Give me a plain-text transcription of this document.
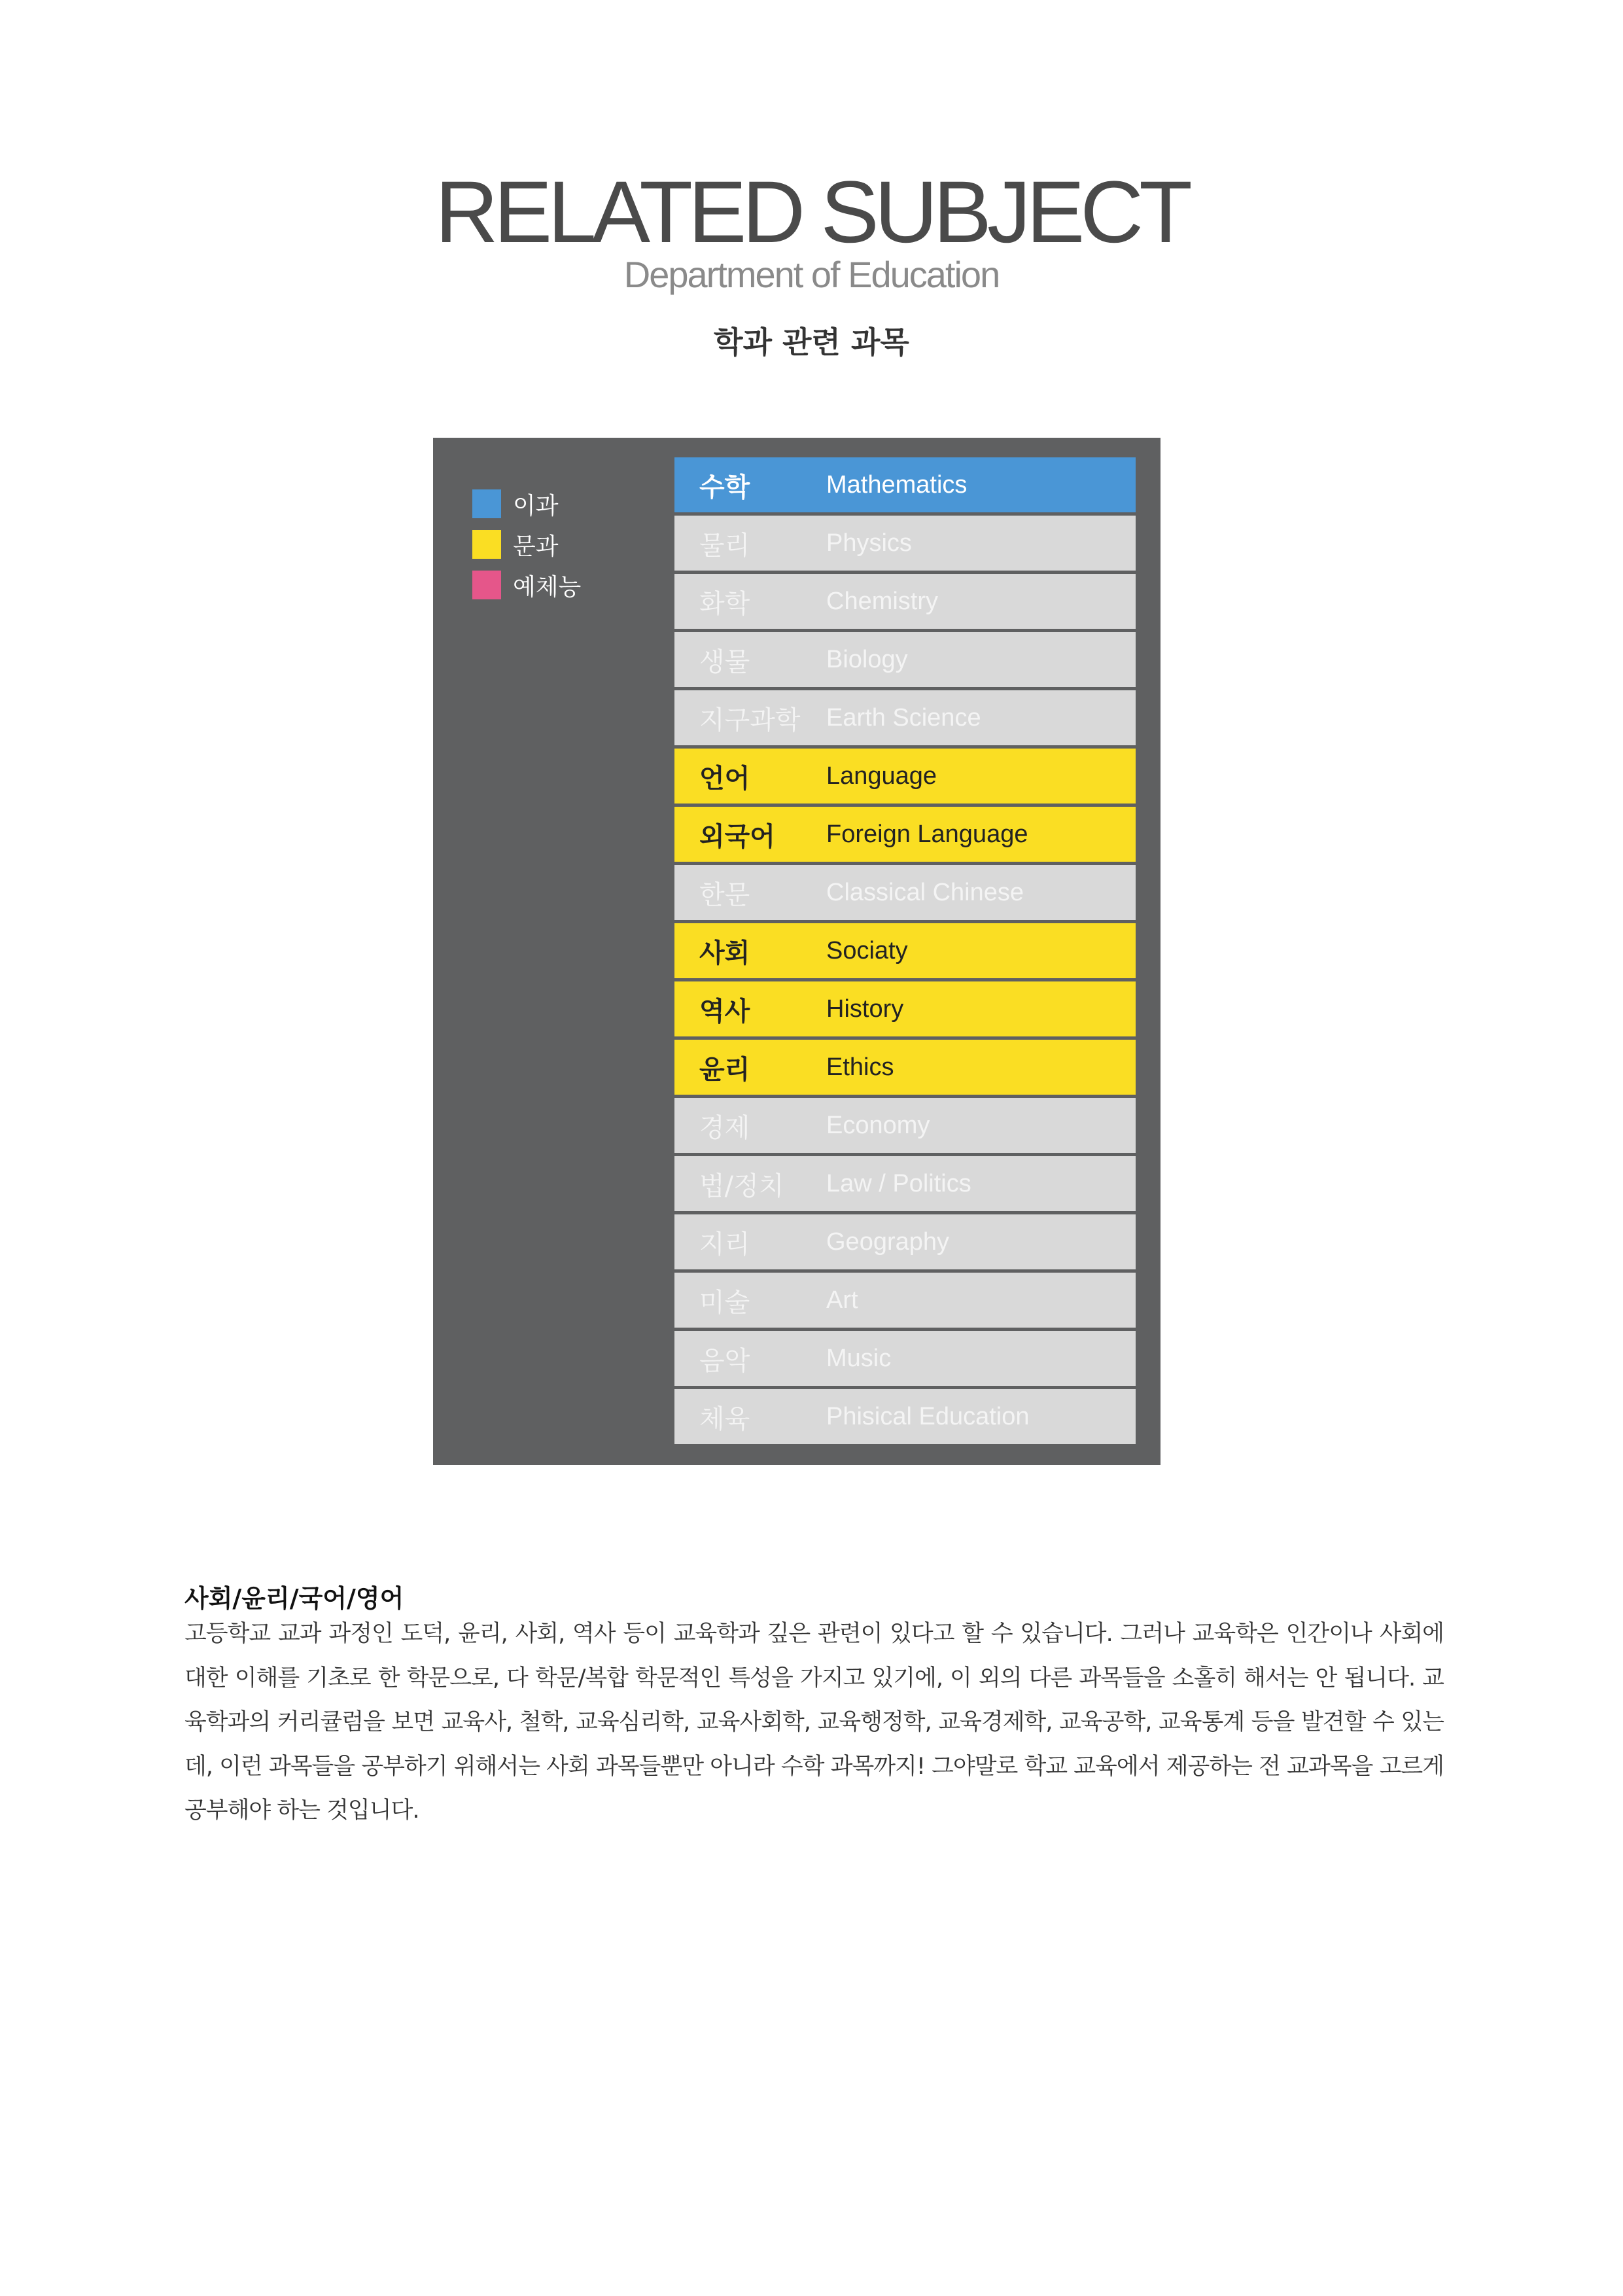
RELATED SUBJECT
Department of Education
학과 관련 과목
이과
문과
예체능
수학	Mathematics
물리	Physics
화학	Chemistry
생물	Biology
지구과학	Earth Science
언어	Language
외국어	Foreign Language
한문	Classical Chinese
사회	Sociaty
역사	History
윤리	Ethics
경제	Economy
법/정치	Law / Politics
지리	Geography
미술	Art
음악	Music
체육	Phisical Education
사회/윤리/국어/영어
고등학교 교과 과정인 도덕, 윤리, 사회, 역사 등이 교육학과 깊은 관련이 있다고 할 수 있습니다. 그러나 교육학은 인간이나 사회에 대한 이해를 기초로 한 학문으로, 다 학문/복합 학문적인 특성을 가지고 있기에, 이 외의 다른 과목들을 소홀히 해서는 안 됩니다. 교육학과의 커리큘럼을 보면 교육사, 철학, 교육심리학, 교육사회학, 교육행정학, 교육경제학, 교육공학, 교육통계 등을 발견할 수 있는데, 이런 과목들을 공부하기 위해서는 사회 과목들뿐만 아니라 수학 과목까지! 그야말로 학교 교육에서 제공하는 전 교과목을 고르게 공부해야 하는 것입니다.
